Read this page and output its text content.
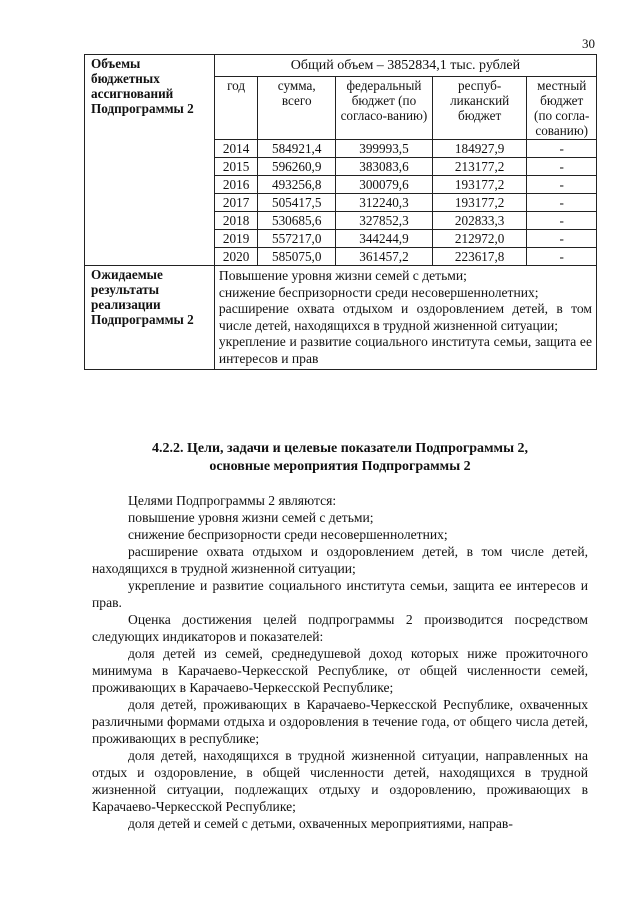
30
Объемы бюджетных ассигнований Подпрограммы 2	Общий объем – 3852834,1 тыс. рублей				
	год	сумма, всего	федеральный бюджет (по согласо-ванию)	респуб-ликанский бюджет	местный бюджет (по согла-сованию)
	2014	584921,4	399993,5	184927,9	-
	2015	596260,9	383083,6	213177,2	-
	2016	493256,8	300079,6	193177,2	-
	2017	505417,5	312240,3	193177,2	-
	2018	530685,6	327852,3	202833,3	-
	2019	557217,0	344244,9	212972,0	-
	2020	585075,0	361457,2	223617,8	-
Ожидаемые результаты реализации Подпрограммы 2	Повышение уровня жизни семей с детьми;
снижение беспризорности среди несовершеннолетних;
расширение охвата отдыхом и оздоровлением детей, в том числе детей, находящихся в трудной жизненной ситуации;
укрепление и развитие социального института семьи, защита ее интересов и прав				
4.2.2. Цели, задачи и целевые показатели Подпрограммы 2,
основные мероприятия Подпрограммы 2

Целями Подпрограммы 2 являются:

повышение уровня жизни семей с детьми;

снижение беспризорности среди несовершеннолетних;

расширение охвата отдыхом и оздоровлением детей, в том числе детей, находящихся в трудной жизненной ситуации;

укрепление и развитие социального института семьи, защита ее интересов и прав.

Оценка достижения целей подпрограммы 2 производится посредством следующих индикаторов и показателей:

доля детей из семей, среднедушевой доход которых ниже прожиточного минимума в Карачаево-Черкесской Республике, от общей численности семей, проживающих в Карачаево-Черкесской Республике;

доля детей, проживающих в Карачаево-Черкесской Республике, охваченных различными формами отдыха и оздоровления в течение года, от общего числа детей, проживающих в республике;

доля детей, находящихся в трудной жизненной ситуации, направленных на отдых и оздоровление, в общей численности детей, находящихся в трудной жизненной ситуации, подлежащих отдыху и оздоровлению, проживающих в Карачаево-Черкесской Республике;

доля детей и семей с детьми, охваченных мероприятиями, направ-
